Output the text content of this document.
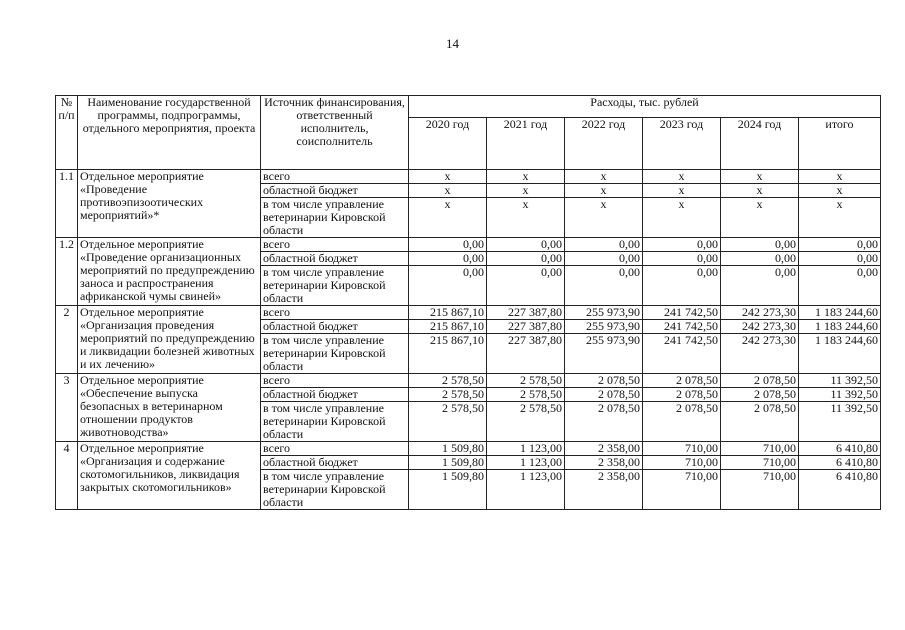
14
№ п/п	Наименование государственной программы, подпрограммы, отдельного мероприятия, проекта	Источник финансирования, ответственный исполнитель, соисполнитель	Расходы, тыс. рублей					
			2020 год	2021 год	2022 год	2023 год	2024 год	итого
1.1	Отдельное мероприятие «Проведение противоэпизоотических мероприятий»*	всего	х	х	х	х	х	х
		областной бюджет	х	х	х	х	х	х
		в том числе управление ветеринарии Кировской области	х	х	х	х	х	х
1.2	Отдельное мероприятие «Проведение организационных мероприятий по предупреждению заноса и распространения африканской чумы свиней»	всего	0,00	0,00	0,00	0,00	0,00	0,00
		областной бюджет	0,00	0,00	0,00	0,00	0,00	0,00
		в том числе управление ветеринарии Кировской области	0,00	0,00	0,00	0,00	0,00	0,00
2	Отдельное мероприятие «Организация проведения мероприятий по предупреждению и ликвидации болезней животных и их лечению»	всего	215 867,10	227 387,80	255 973,90	241 742,50	242 273,30	1 183 244,60
		областной бюджет	215 867,10	227 387,80	255 973,90	241 742,50	242 273,30	1 183 244,60
		в том числе управление ветеринарии Кировской области	215 867,10	227 387,80	255 973,90	241 742,50	242 273,30	1 183 244,60
3	Отдельное мероприятие «Обеспечение выпуска безопасных в ветеринарном отношении продуктов животноводства»	всего	2 578,50	2 578,50	2 078,50	2 078,50	2 078,50	11 392,50
		областной бюджет	2 578,50	2 578,50	2 078,50	2 078,50	2 078,50	11 392,50
		в том числе управление ветеринарии Кировской области	2 578,50	2 578,50	2 078,50	2 078,50	2 078,50	11 392,50
4	Отдельное мероприятие «Организация и содержание скотомогильников, ликвидация закрытых скотомогильников»	всего	1 509,80	1 123,00	2 358,00	710,00	710,00	6 410,80
		областной бюджет	1 509,80	1 123,00	2 358,00	710,00	710,00	6 410,80
		в том числе управление ветеринарии Кировской области	1 509,80	1 123,00	2 358,00	710,00	710,00	6 410,80
